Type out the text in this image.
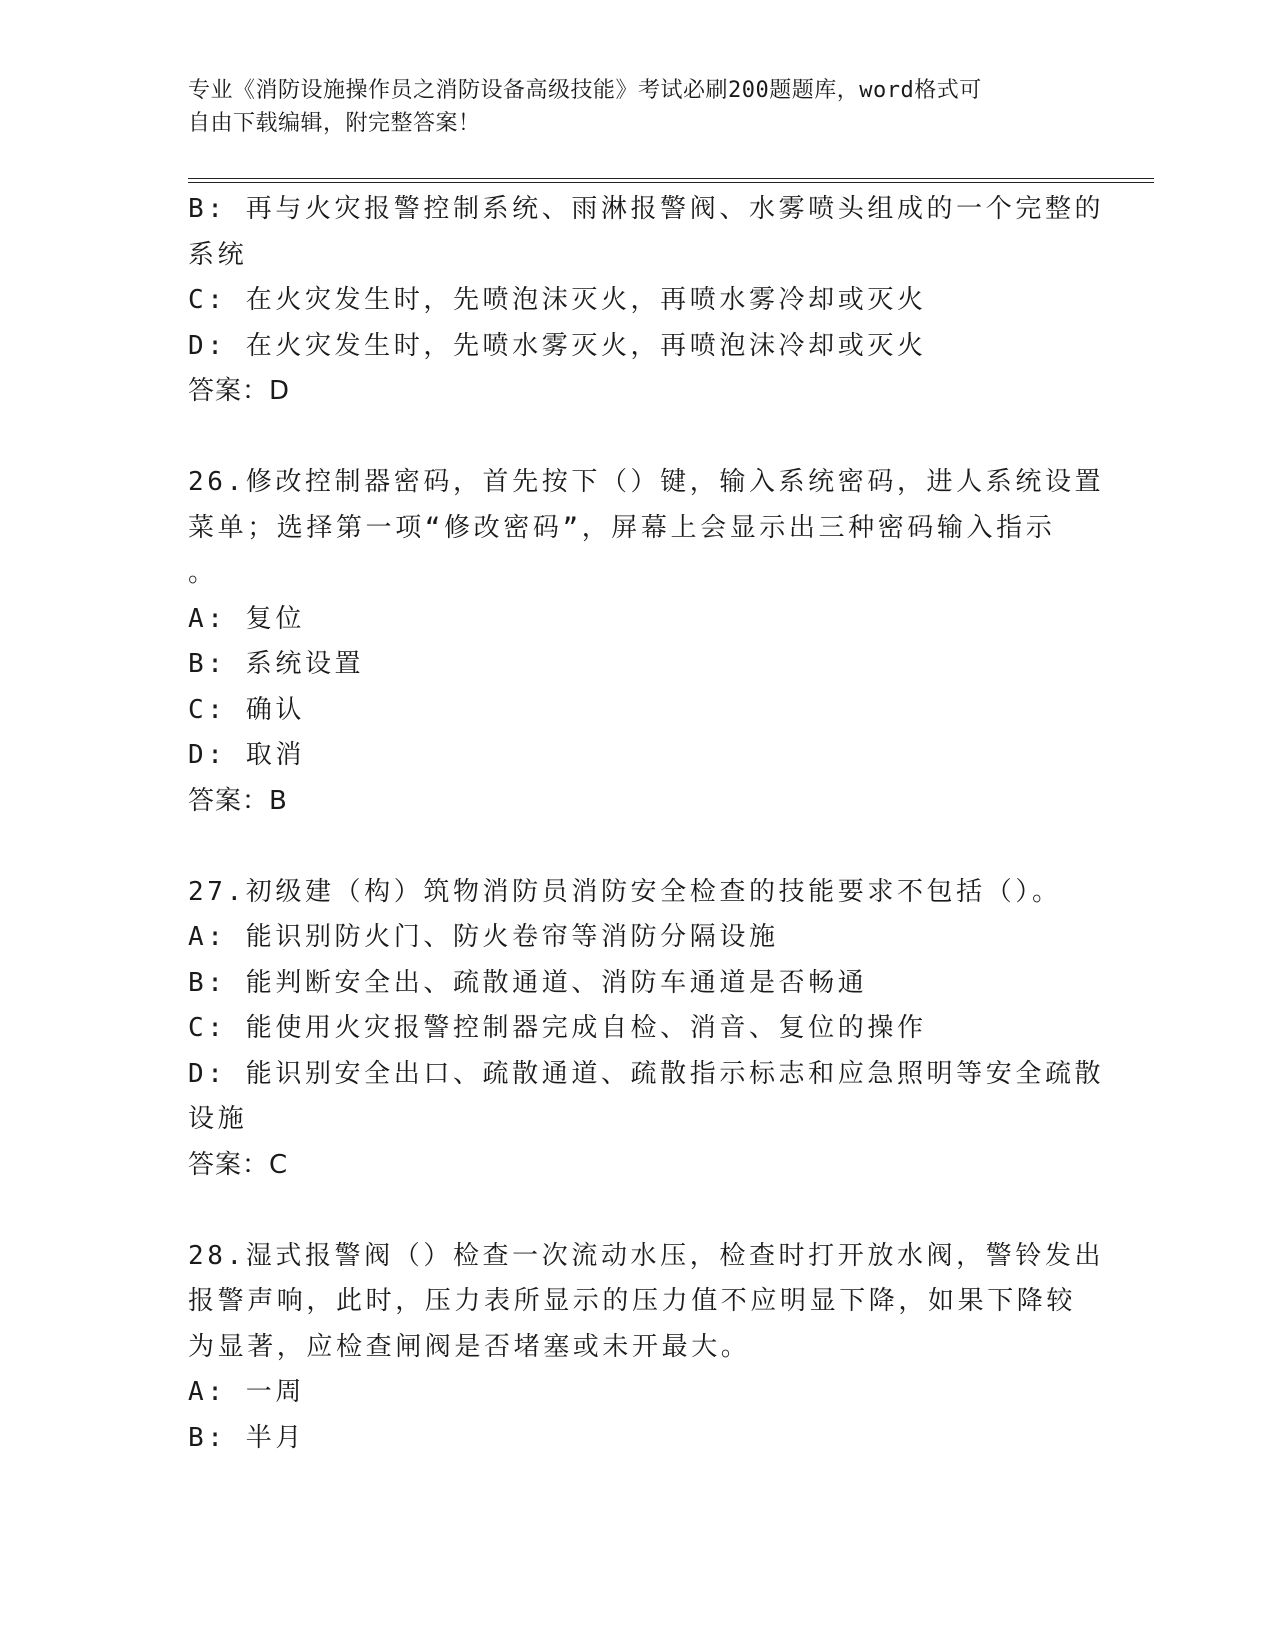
专业《消防设施操作员之消防设备高级技能》考试必刷200题题库，word格式可
自由下载编辑，附完整答案！
B: 再与火灾报警控制系统、雨淋报警阀、水雾喷头组成的一个完整的
系统
C: 在火灾发生时，先喷泡沫灭火，再喷水雾冷却或灭火
D: 在火灾发生时，先喷水雾灭火，再喷泡沫冷却或灭火
答案：D
26.修改控制器密码，首先按下（）键，输入系统密码，进人系统设置
菜单；选择第一项“修改密码”，屏幕上会显示出三种密码输入指示
。
A: 复位
B: 系统设置
C: 确认
D: 取消
答案：B
27.初级建（构）筑物消防员消防安全检查的技能要求不包括（）。
A: 能识别防火门、防火卷帘等消防分隔设施
B: 能判断安全出、疏散通道、消防车通道是否畅通
C: 能使用火灾报警控制器完成自检、消音、复位的操作
D: 能识别安全出口、疏散通道、疏散指示标志和应急照明等安全疏散
设施
答案：C
28.湿式报警阀（）检查一次流动水压，检查时打开放水阀，警铃发出
报警声响，此时，压力表所显示的压力值不应明显下降，如果下降较
为显著，应检查闸阀是否堵塞或未开最大。
A: 一周
B: 半月
